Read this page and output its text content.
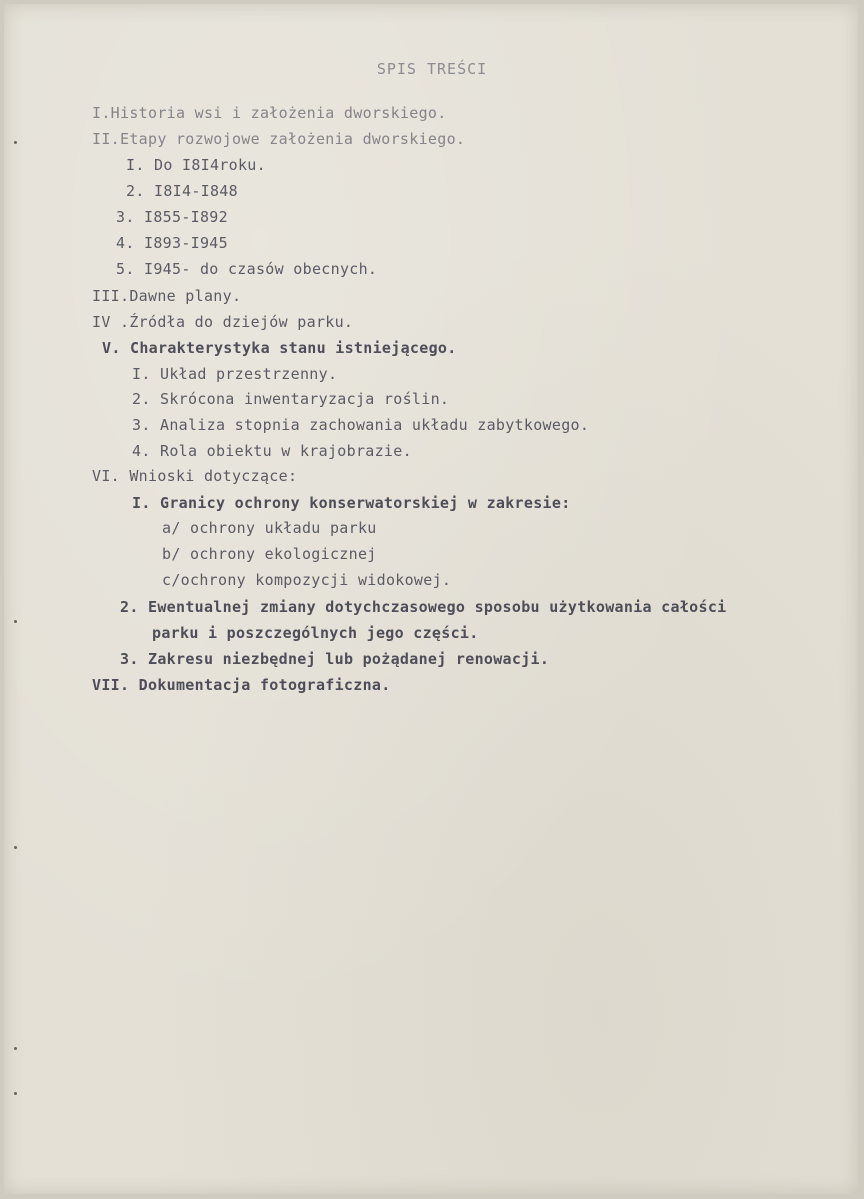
SPIS TREŚCI
I.Historia wsi i założenia dworskiego.
II.Etapy rozwojowe założenia dworskiego.
I. Do I8I4roku.
2. I8I4-I848
3. I855-I892
4. I893-I945
5. I945- do czasów obecnych.
III.Dawne plany.
IV .Źródła do dziejów parku.
V. Charakterystyka stanu istniejącego.
I. Układ przestrzenny.
2. Skrócona inwentaryzacja roślin.
3. Analiza stopnia zachowania układu zabytkowego.
4. Rola obiektu w krajobrazie.
VI. Wnioski dotyczące:
I. Granicy ochrony konserwatorskiej w zakresie:
a/ ochrony układu parku
b/ ochrony ekologicznej
c/ochrony kompozycji widokowej.
2. Ewentualnej zmiany dotychczasowego sposobu użytkowania całości
parku i poszczególnych jego części.
3. Zakresu niezbędnej lub pożądanej renowacji.
VII. Dokumentacja fotograficzna.
